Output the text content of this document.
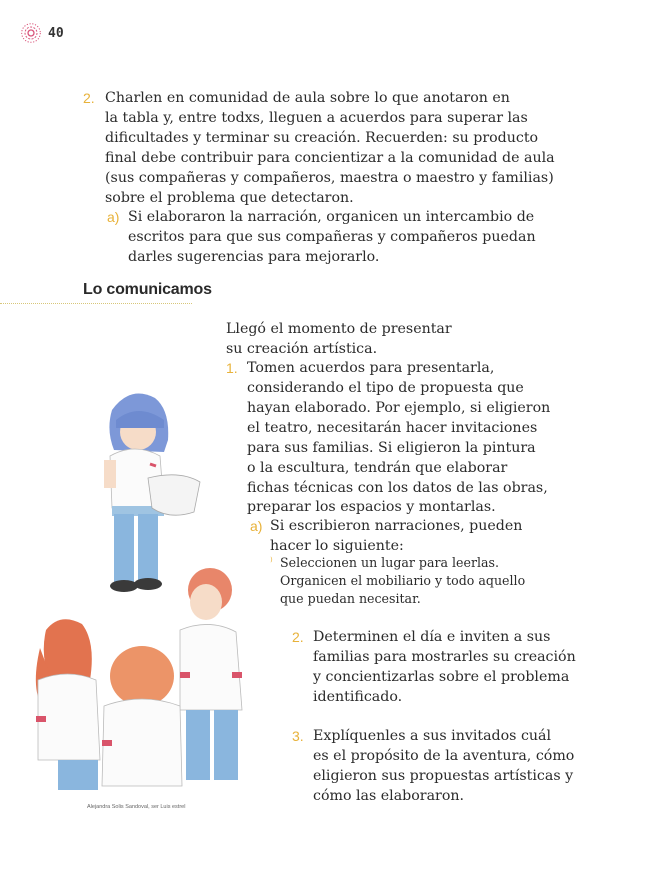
40
2. Charlen en comunidad de aula sobre lo que anotaron en
la tabla y, entre todxs, lleguen a acuerdos para superar las
dificultades y terminar su creación. Recuerden: su producto
final debe contribuir para concientizar a la comunidad de aula
(sus compañeras y compañeros, maestra o maestro y familias)
sobre el problema que detectaron.
a) Si elaboraron la narración, organicen un intercambio de
escritos para que sus compañeras y compañeros puedan
darles sugerencias para mejorarlo.
Lo comunicamos
Llegó el momento de presentar
su creación artística.
1. Tomen acuerdos para presentarla,
considerando el tipo de propuesta que
hayan elaborado. Por ejemplo, si eligieron
el teatro, necesitarán hacer invitaciones
para sus familias. Si eligieron la pintura
o la escultura, tendrán que elaborar
fichas técnicas con los datos de las obras,
preparar los espacios y montarlas.
a) Si escribieron narraciones, pueden
hacer lo siguiente:
⁾ Seleccionen un lugar para leerlas.
Organicen el mobiliario y todo aquello
que puedan necesitar.
2. Determinen el día e inviten a sus
familias para mostrarles su creación
y concientizarlas sobre el problema
identificado.
3. Explíquenles a sus invitados cuál
es el propósito de la aventura, cómo
eligieron sus propuestas artísticas y
cómo las elaboraron.
Alejandra Solis Sandoval, ser Luis estrel
